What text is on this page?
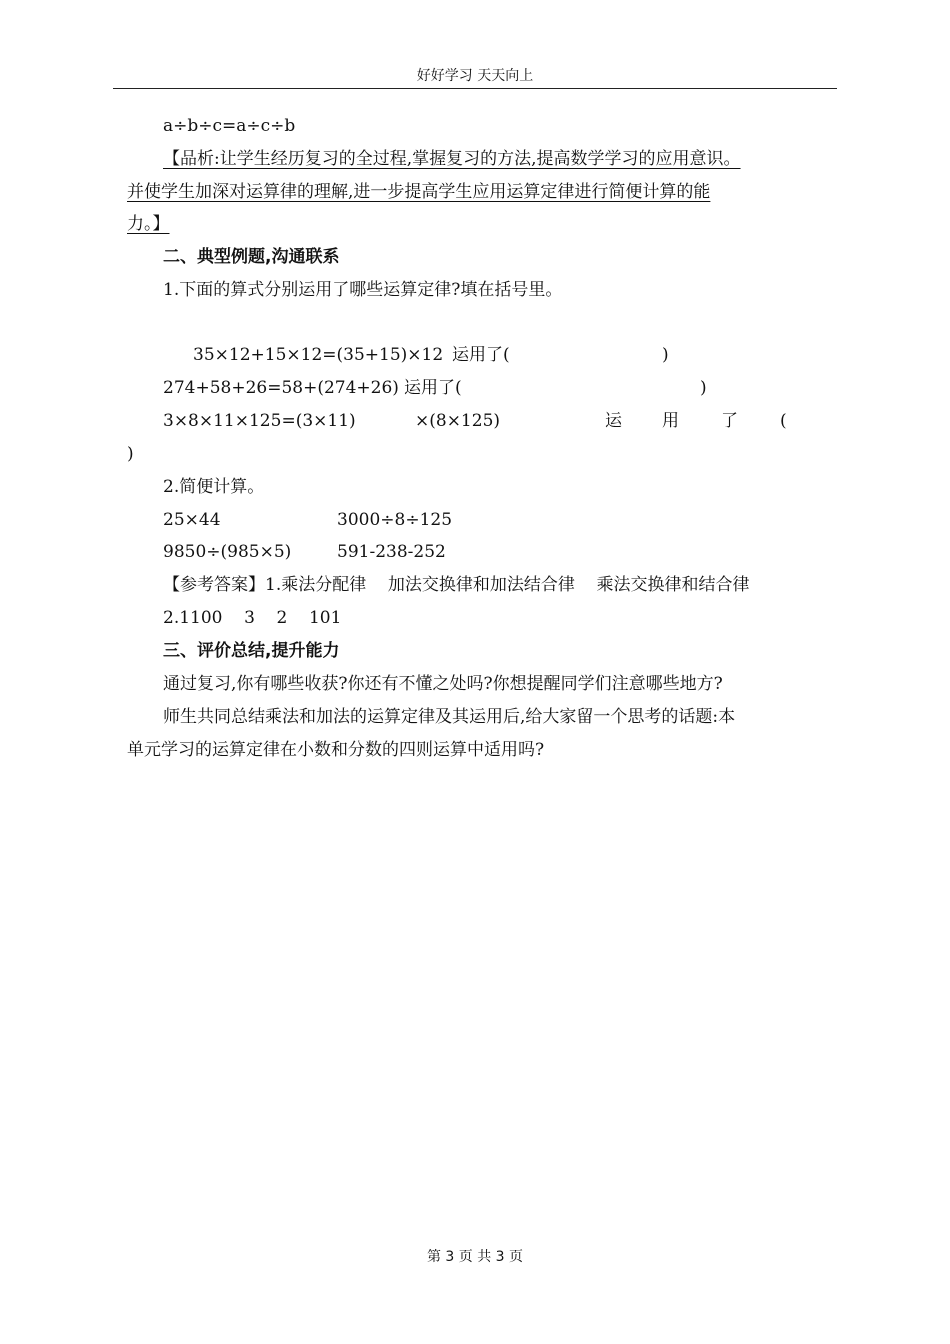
好好学习 天天向上
a÷b÷c=a÷c÷b
【品析:让学生经历复习的全过程,掌握复习的方法,提高数学学习的应用意识。
并使学生加深对运算律的理解,进一步提高学生应用运算定律进行简便计算的能
力。】
二、典型例题,沟通联系
1.下面的算式分别运用了哪些运算定律?填在括号里。
35×12+15×12=(35+15)×12 运用了(	)
274+58+26=58+(274+26) 运用了(	)
3×8×11×125=(3×11)	×(8×125)	运 用 了 (
)
2.简便计算。
25×44	3000÷8÷125
9850÷(985×5)	591-238-252
【参考答案】1.乘法分配律    加法交换律和加法结合律    乘法交换律和结合律
2.1100    3    2    101
三、评价总结,提升能力
通过复习,你有哪些收获?你还有不懂之处吗?你想提醒同学们注意哪些地方?
师生共同总结乘法和加法的运算定律及其运用后,给大家留一个思考的话题:本
单元学习的运算定律在小数和分数的四则运算中适用吗?
第 3 页 共 3 页
